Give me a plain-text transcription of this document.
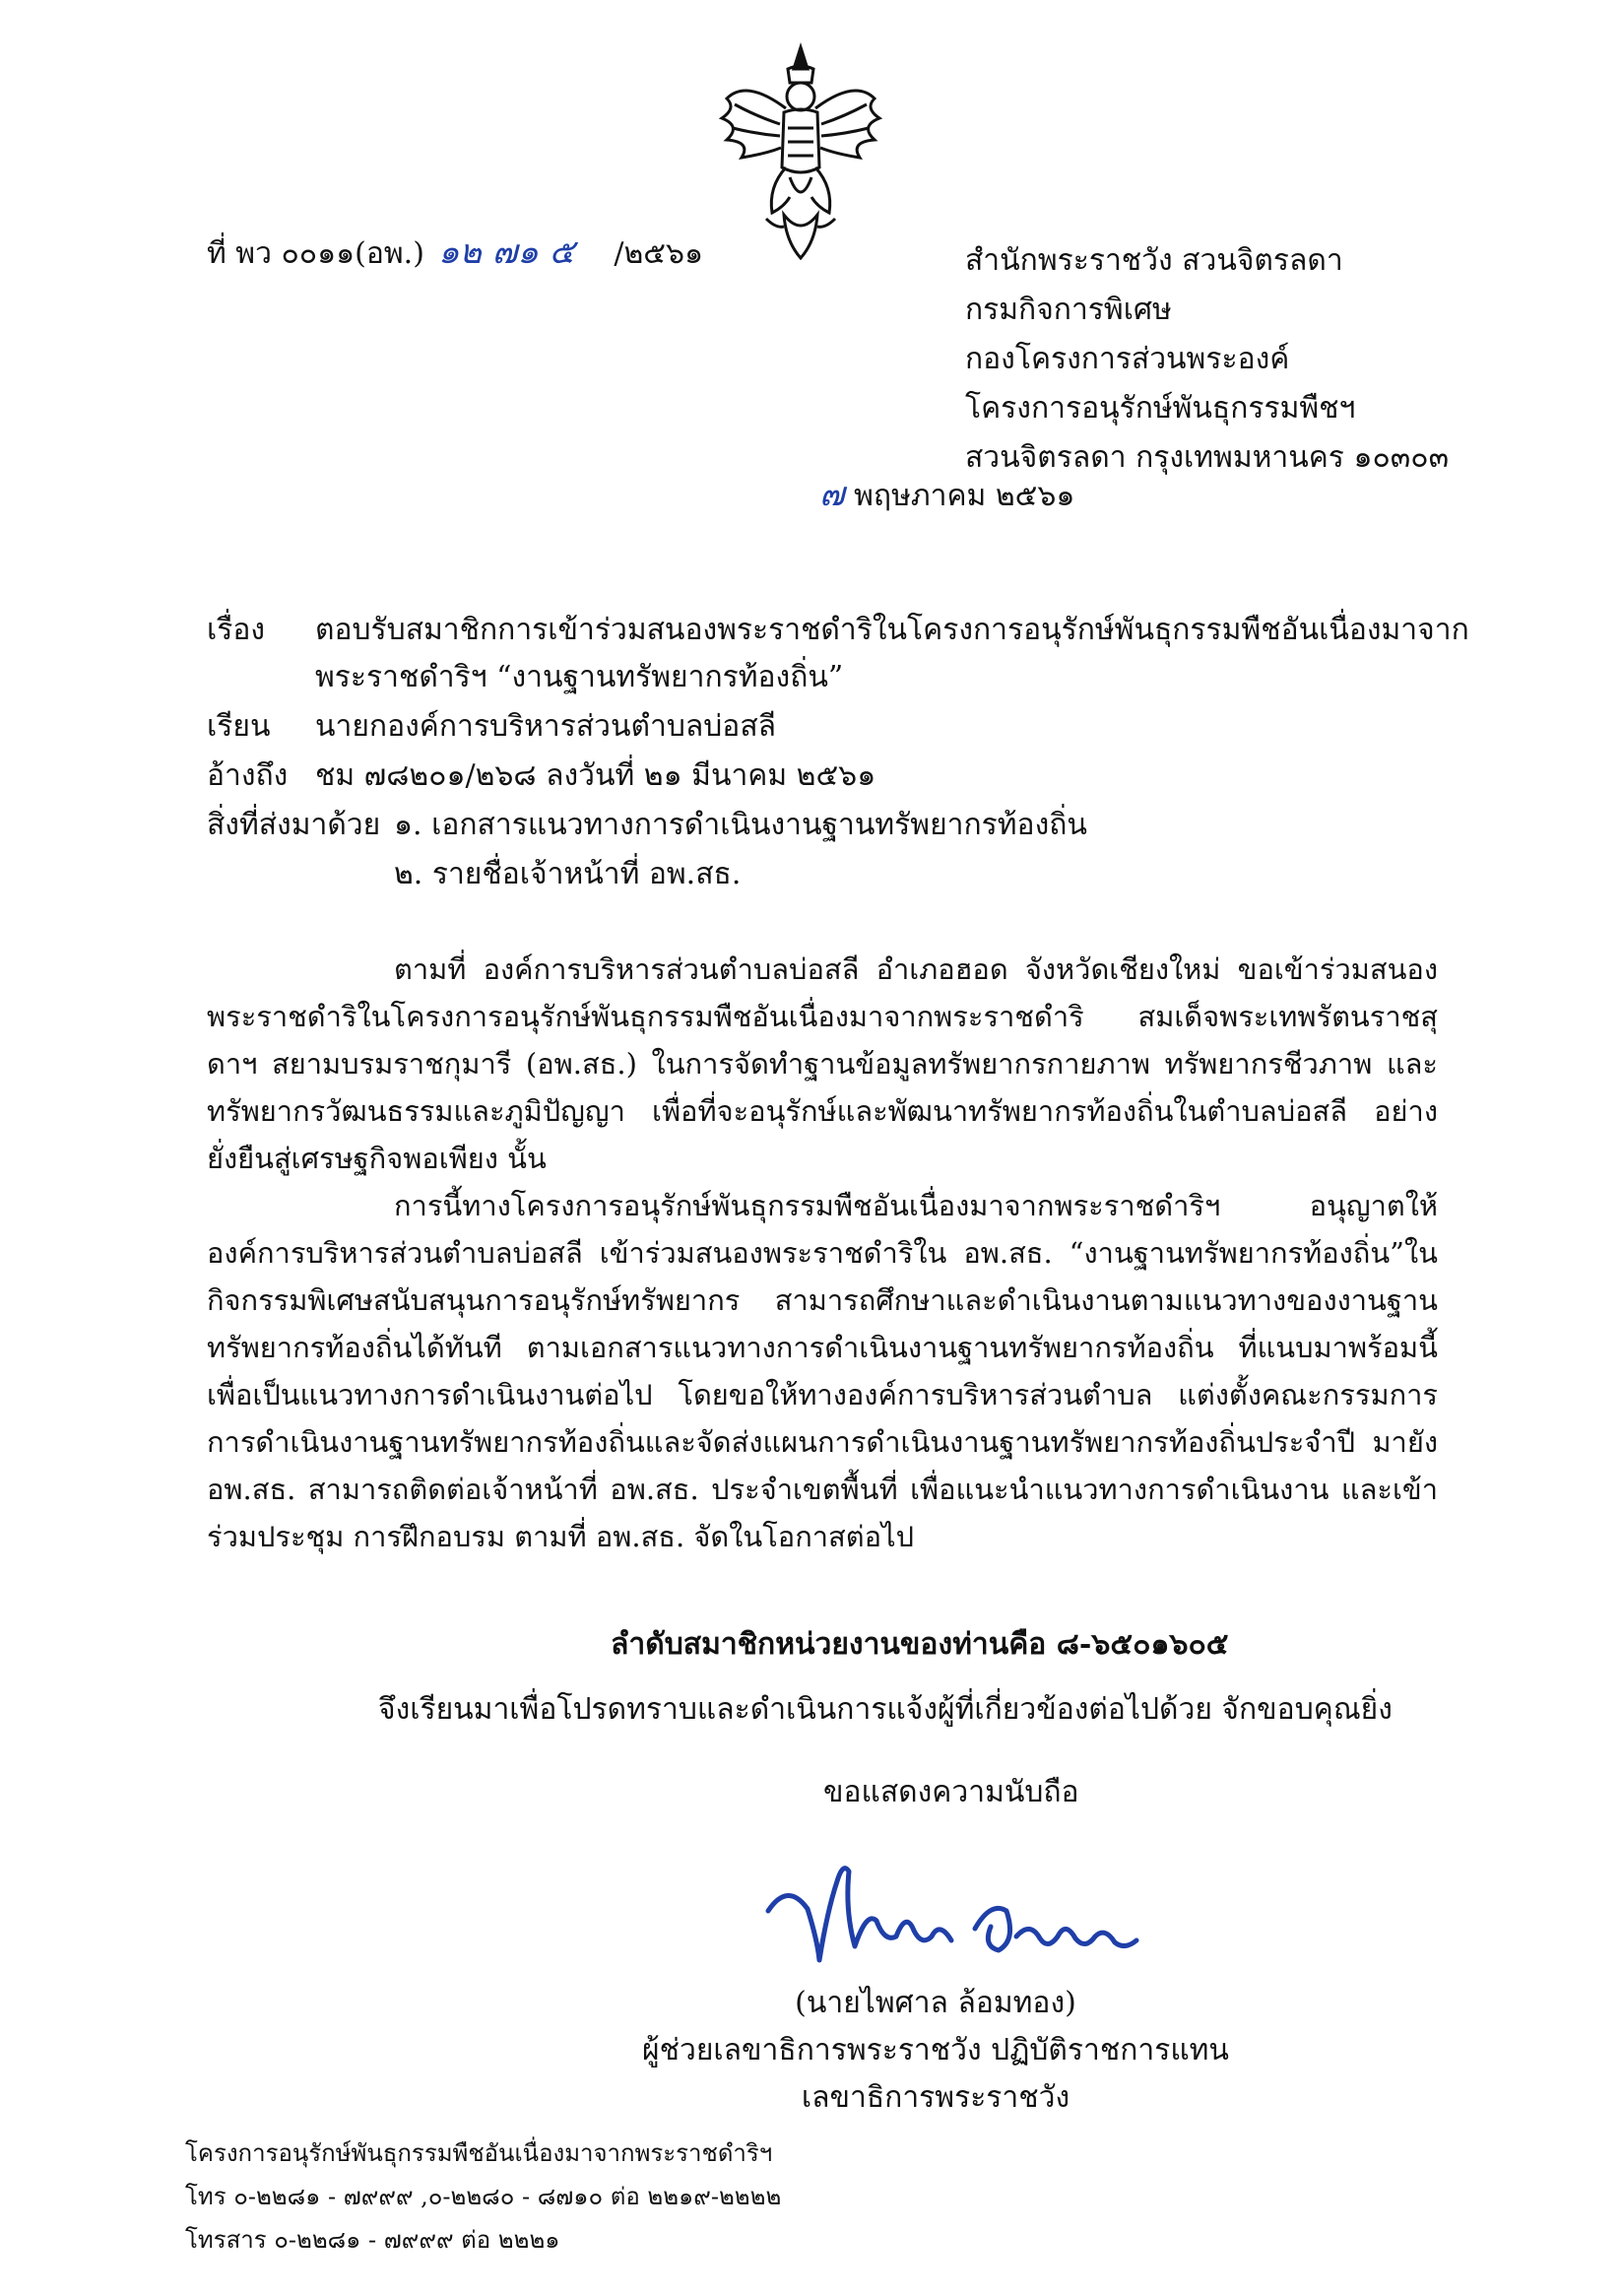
ที่ พว ๐๐๑๑(อพ.) ๑๒ ๗๑ ๕ /๒๕๖๑	สำนักพระราชวัง สวนจิตรลดา
กรมกิจการพิเศษ
กองโครงการส่วนพระองค์
โครงการอนุรักษ์พันธุกรรมพืชฯ
สวนจิตรลดา กรุงเทพมหานคร ๑๐๓๐๓
๗ พฤษภาคม ๒๕๖๑
เรื่อง ตอบรับสมาชิกการเข้าร่วมสนองพระราชดำริในโครงการอนุรักษ์พันธุกรรมพืชอันเนื่องมาจาก
พระราชดำริฯ “งานฐานทรัพยากรท้องถิ่น”
เรียน นายกองค์การบริหารส่วนตำบลบ่อสลี
อ้างถึง ชม ๗๘๒๐๑/๒๖๘ ลงวันที่ ๒๑ มีนาคม ๒๕๖๑
สิ่งที่ส่งมาด้วย ๑. เอกสารแนวทางการดำเนินงานฐานทรัพยากรท้องถิ่น
๒. รายชื่อเจ้าหน้าที่ อพ.สธ.
ตามที่ องค์การบริหารส่วนตำบลบ่อสลี อำเภอฮอด จังหวัดเชียงใหม่ ขอเข้าร่วมสนองพระราชดำริในโครงการอนุรักษ์พันธุกรรมพืชอันเนื่องมาจากพระราชดำริ สมเด็จพระเทพรัตนราชสุดาฯ สยามบรมราชกุมารี (อพ.สธ.) ในการจัดทำฐานข้อมูลทรัพยากรกายภาพ ทรัพยากรชีวภาพ และทรัพยากรวัฒนธรรมและภูมิปัญญา เพื่อที่จะอนุรักษ์และพัฒนาทรัพยากรท้องถิ่นในตำบลบ่อสลี อย่างยั่งยืนสู่เศรษฐกิจพอเพียง นั้น
การนี้ทางโครงการอนุรักษ์พันธุกรรมพืชอันเนื่องมาจากพระราชดำริฯ อนุญาตให้องค์การบริหารส่วนตำบลบ่อสลี เข้าร่วมสนองพระราชดำริใน อพ.สธ. “งานฐานทรัพยากรท้องถิ่น”ในกิจกรรมพิเศษสนับสนุนการอนุรักษ์ทรัพยากร สามารถศึกษาและดำเนินงานตามแนวทางของงานฐานทรัพยากรท้องถิ่นได้ทันที ตามเอกสารแนวทางการดำเนินงานฐานทรัพยากรท้องถิ่น ที่แนบมาพร้อมนี้ เพื่อเป็นแนวทางการดำเนินงานต่อไป โดยขอให้ทางองค์การบริหารส่วนตำบล แต่งตั้งคณะกรรมการการดำเนินงานฐานทรัพยากรท้องถิ่นและจัดส่งแผนการดำเนินงานฐานทรัพยากรท้องถิ่นประจำปี มายัง อพ.สธ. สามารถติดต่อเจ้าหน้าที่ อพ.สธ. ประจำเขตพื้นที่ เพื่อแนะนำแนวทางการดำเนินงาน และเข้าร่วมประชุม การฝึกอบรม ตามที่ อพ.สธ. จัดในโอกาสต่อไป
ลำดับสมาชิกหน่วยงานของท่านคือ ๘-๖๕๐๑๖๐๕
จึงเรียนมาเพื่อโปรดทราบและดำเนินการแจ้งผู้ที่เกี่ยวข้องต่อไปด้วย จักขอบคุณยิ่ง
ขอแสดงความนับถือ
(นายไพศาล ล้อมทอง)
ผู้ช่วยเลขาธิการพระราชวัง ปฏิบัติราชการแทน
เลขาธิการพระราชวัง
โครงการอนุรักษ์พันธุกรรมพืชอันเนื่องมาจากพระราชดำริฯ
โทร ๐-๒๒๘๑ - ๗๙๙๙ ,๐-๒๒๘๐ - ๘๗๑๐ ต่อ ๒๒๑๙-๒๒๒๒
โทรสาร ๐-๒๒๘๑ - ๗๙๙๙ ต่อ ๒๒๒๑
